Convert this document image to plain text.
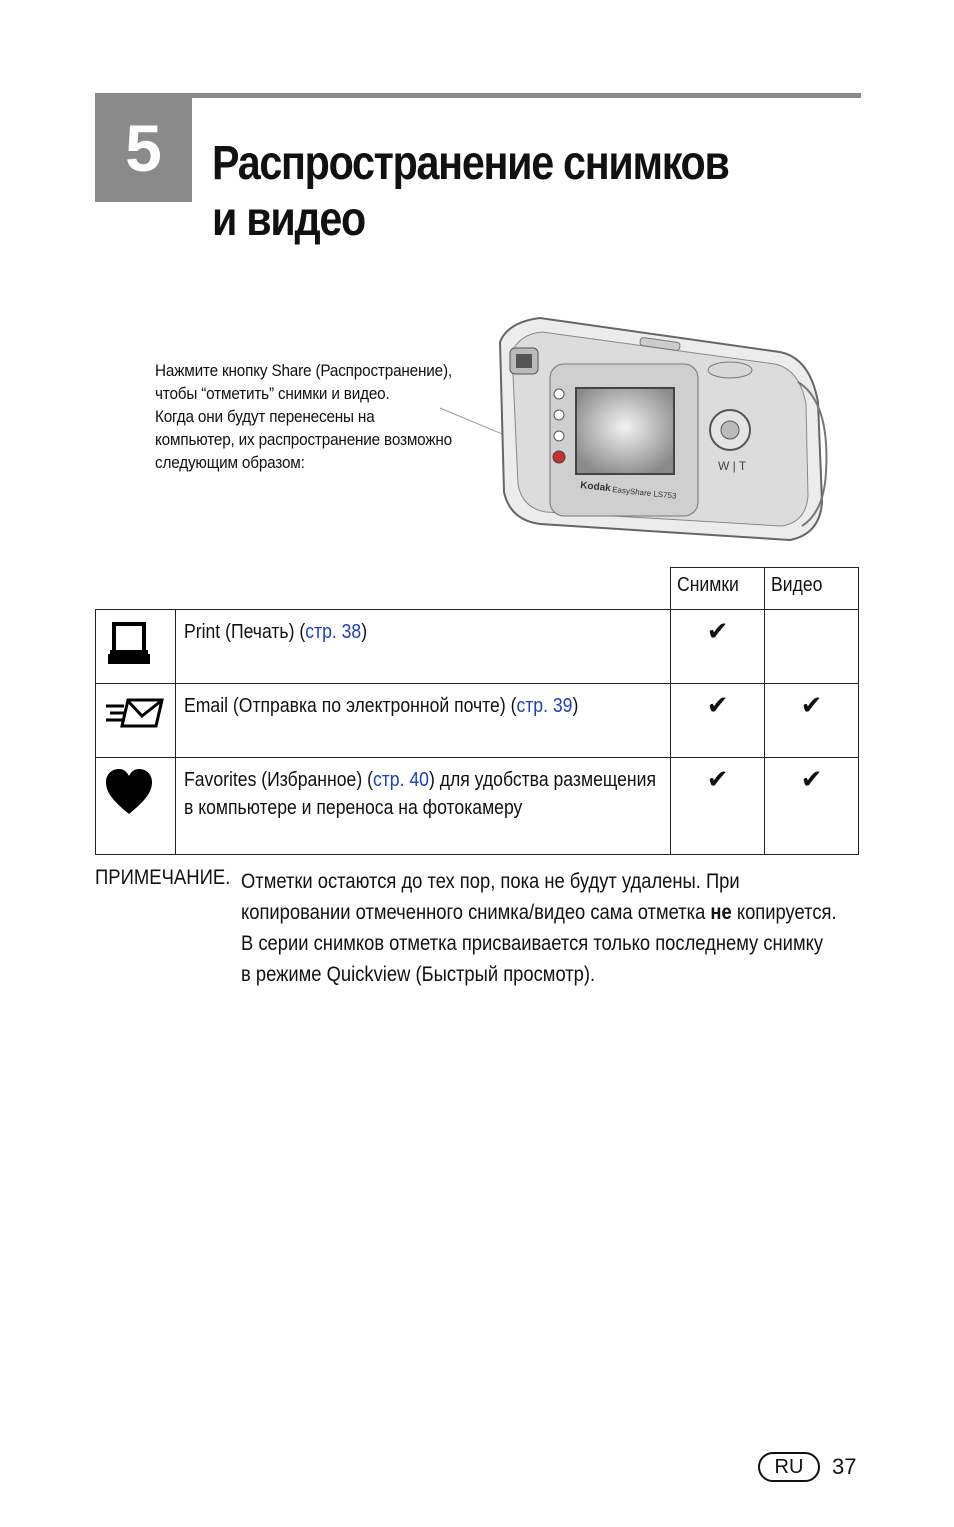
5	Распространение снимков
и видео
Нажмите кнопку Share (Распространение),
чтобы “отметить” снимки и видео.
Когда они будут перенесены на
компьютер, их распространение возможно
следующим образом:
Kodak EasyShare LS753
W | T
		Снимки	Видео
	Print (Печать) (стр. 38)	✔	
	Email (Отправка по электронной почте) (стр. 39)	✔	✔
	Favorites (Избранное) (стр. 40) для удобства размещения в компьютере и переноса на фотокамеру	✔	✔
ПРИМЕЧАНИЕ. Отметки остаются до тех пор, пока не будут удалены. При
копировании отмеченного снимка/видео сама отметка не копируется.
В серии снимков отметка присваивается только последнему снимку
в режиме Quickview (Быстрый просмотр).
RU	37
